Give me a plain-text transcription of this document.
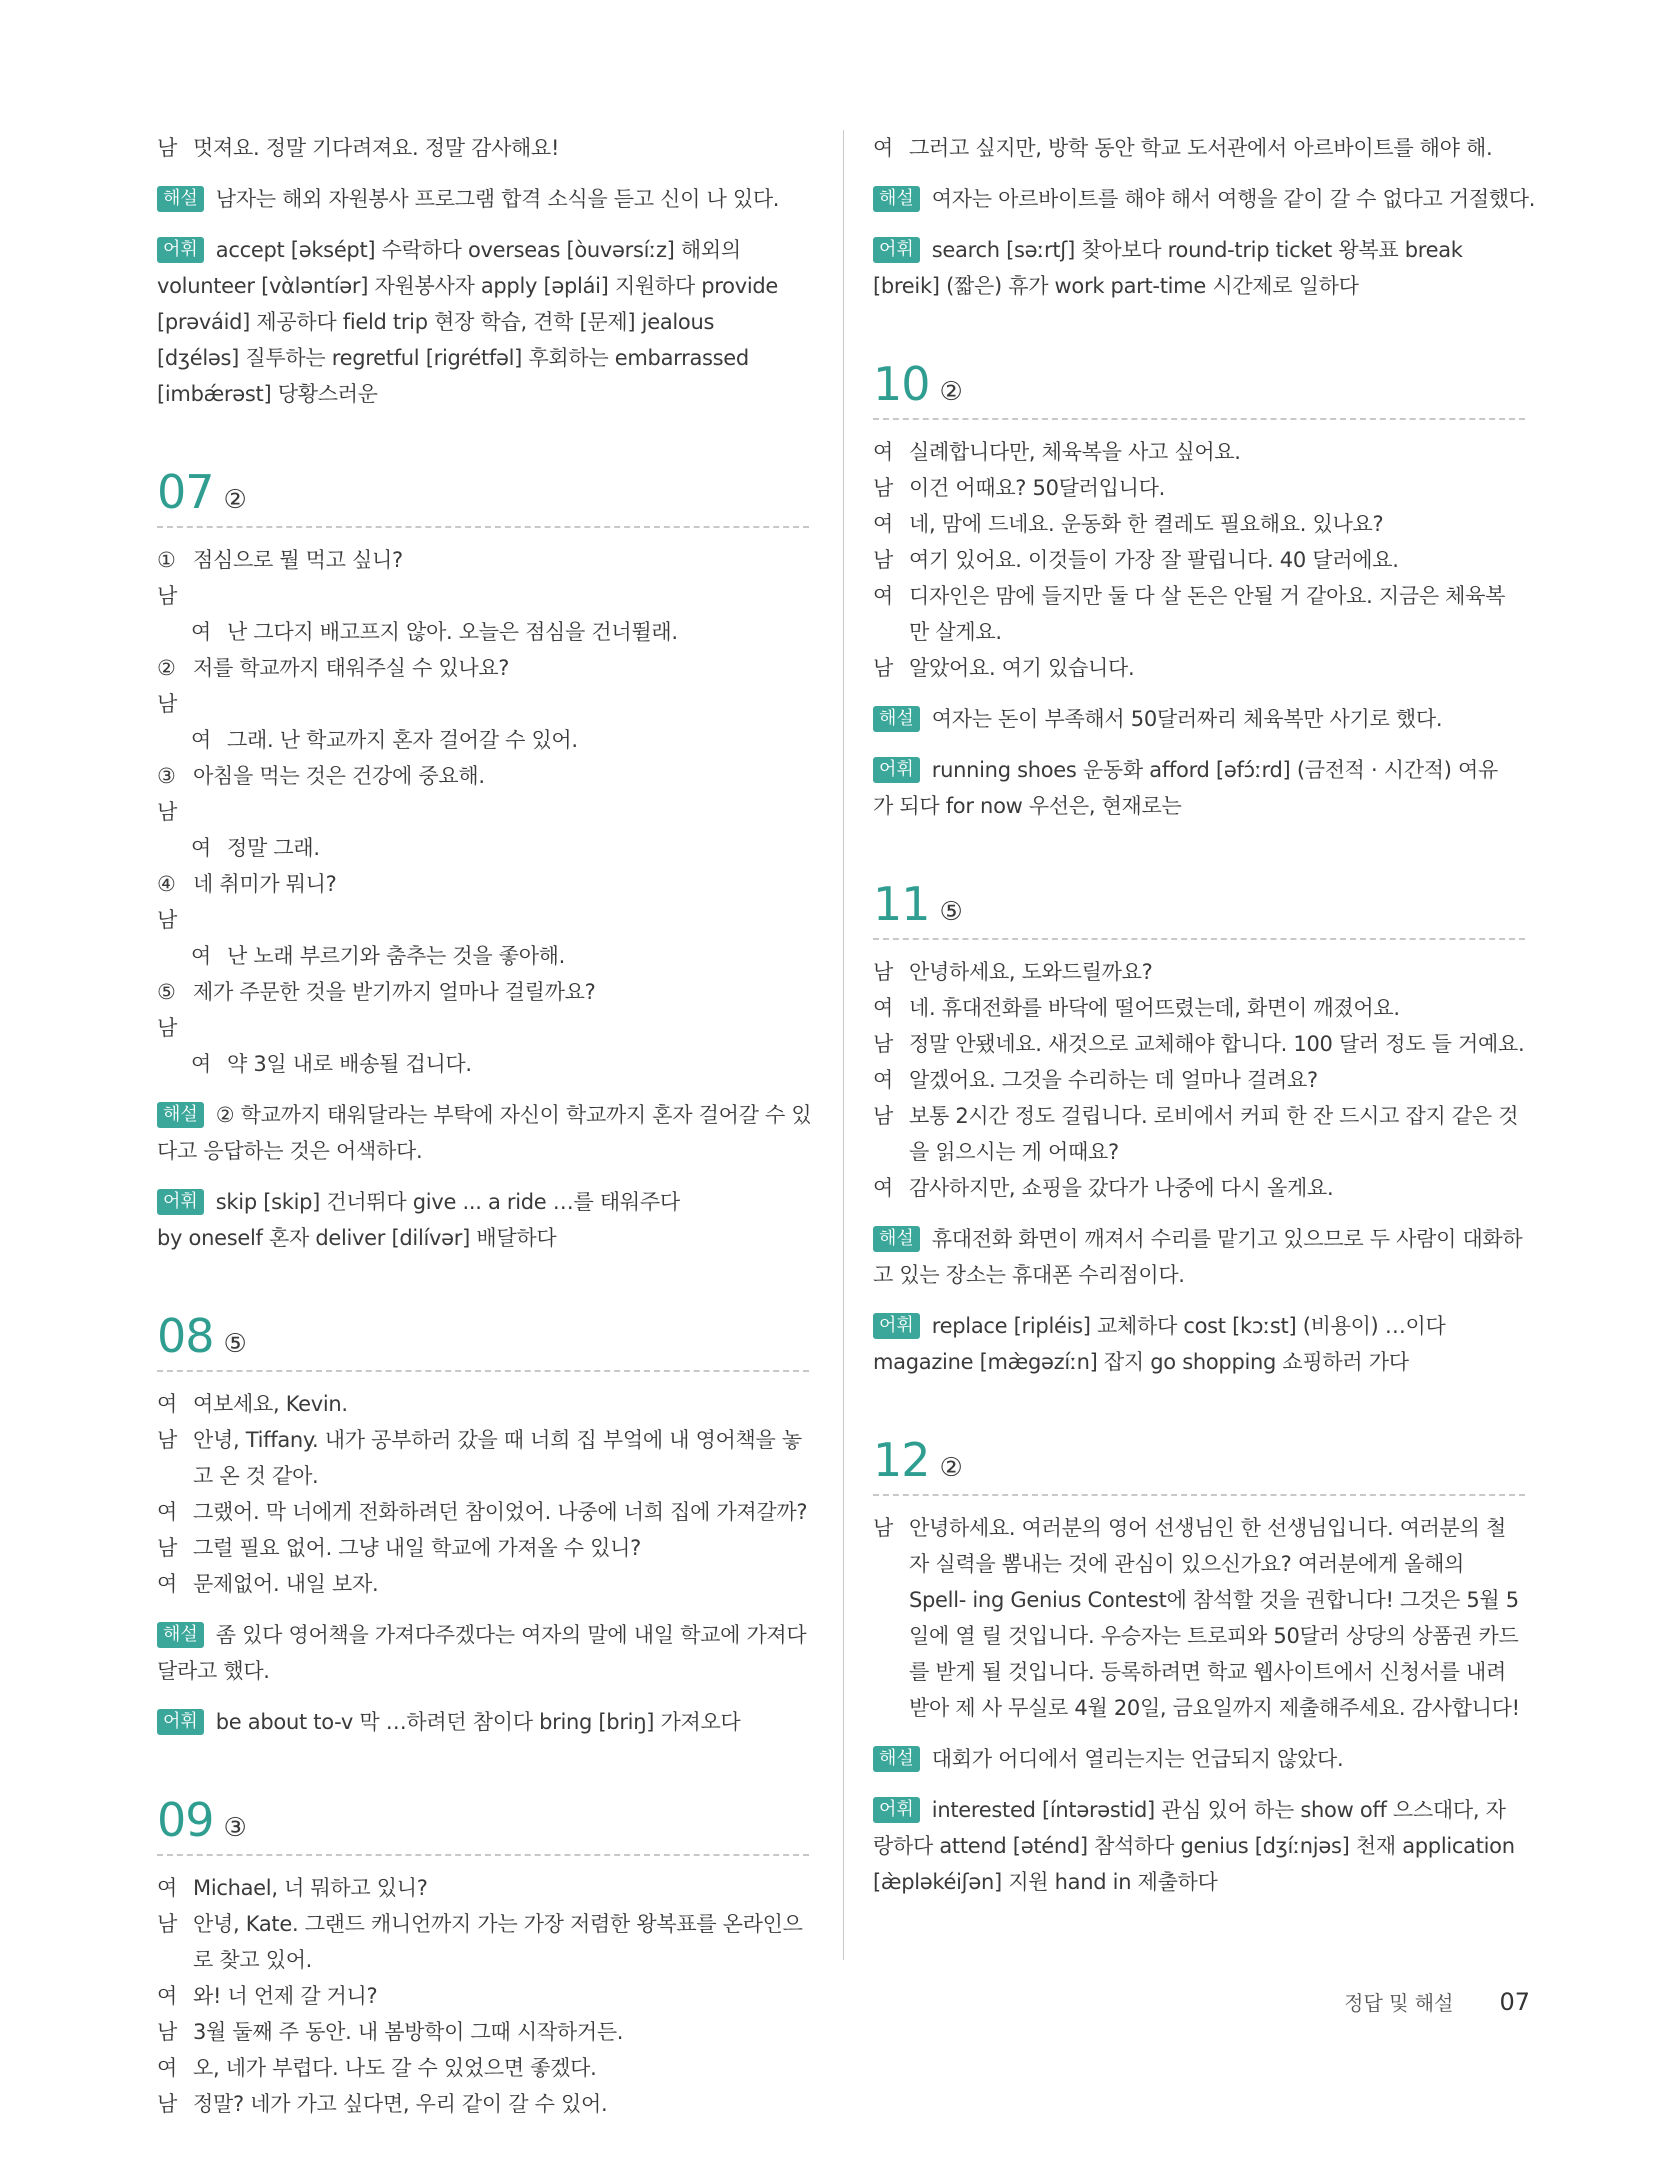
남 멋져요. 정말 기다려져요. 정말 감사해요!
해설 남자는 해외 자원봉사 프로그램 합격 소식을 듣고 신이 나 있다.
어휘 accept [əksépt] 수락하다 overseas [òuvərsíːz] 해외의
volunteer [vὰləntíər] 자원봉사자 apply [əplái] 지원하다 provide
[prəváid] 제공하다 field trip 현장 학습, 견학 [문제] jealous
[dʒéləs] 질투하는 regretful [rigrétfəl] 후회하는 embarrassed
[imbǽrəst] 당황스러운
07 ②
① 남
점심으로 뭘 먹고 싶니?
여 난 그다지 배고프지 않아. 오늘은 점심을 건너뛸래.
② 남
저를 학교까지 태워주실 수 있나요?
여 그래. 난 학교까지 혼자 걸어갈 수 있어.
③ 남
아침을 먹는 것은 건강에 중요해.
여 정말 그래.
④ 남
네 취미가 뭐니?
여 난 노래 부르기와 춤추는 것을 좋아해.
⑤ 남
제가 주문한 것을 받기까지 얼마나 걸릴까요?
여 약 3일 내로 배송될 겁니다.
해설 ② 학교까지 태워달라는 부탁에 자신이 학교까지 혼자 걸어갈 수 있
다고 응답하는 것은 어색하다.
어휘 skip [skip] 건너뛰다 give ... a ride …를 태워주다
by oneself 혼자 deliver [dilívər] 배달하다
08 ⑤
여 여보세요, Kevin.
남 안녕, Tiffany. 내가 공부하러 갔을 때 너희 집 부엌에 내 영어책을 놓 고 온 것 같아.
여 그랬어. 막 너에게 전화하려던 참이었어. 나중에 너희 집에 가져갈까?
남 그럴 필요 없어. 그냥 내일 학교에 가져올 수 있니?
여 문제없어. 내일 보자.
해설 좀 있다 영어책을 가져다주겠다는 여자의 말에 내일 학교에 가져다
달라고 했다.
어휘 be about to-v 막 …하려던 참이다 bring [briŋ] 가져오다
09 ③
여 Michael, 너 뭐하고 있니?
남 안녕, Kate. 그랜드 캐니언까지 가는 가장 저렴한 왕복표를 온라인으 로 찾고 있어.
여 와! 너 언제 갈 거니?
남 3월 둘째 주 동안. 내 봄방학이 그때 시작하거든.
여 오, 네가 부럽다. 나도 갈 수 있었으면 좋겠다.
남 정말? 네가 가고 싶다면, 우리 같이 갈 수 있어.
여 그러고 싶지만, 방학 동안 학교 도서관에서 아르바이트를 해야 해.
해설 여자는 아르바이트를 해야 해서 여행을 같이 갈 수 없다고 거절했다.
어휘 search [səːrtʃ] 찾아보다 round-trip ticket 왕복표 break
[breik] (짧은) 휴가 work part-time 시간제로 일하다
10 ②
여 실례합니다만, 체육복을 사고 싶어요.
남 이건 어때요? 50달러입니다.
여 네, 맘에 드네요. 운동화 한 켤레도 필요해요. 있나요?
남 여기 있어요. 이것들이 가장 잘 팔립니다. 40 달러에요.
여 디자인은 맘에 들지만 둘 다 살 돈은 안될 거 같아요. 지금은 체육복만 살게요.
남 알았어요. 여기 있습니다.
해설 여자는 돈이 부족해서 50달러짜리 체육복만 사기로 했다.
어휘 running shoes 운동화 afford [əfɔ́ːrd] (금전적 · 시간적) 여유
가 되다 for now 우선은, 현재로는
11 ⑤
남 안녕하세요, 도와드릴까요?
여 네. 휴대전화를 바닥에 떨어뜨렸는데, 화면이 깨졌어요.
남 정말 안됐네요. 새것으로 교체해야 합니다. 100 달러 정도 들 거예요.
여 알겠어요. 그것을 수리하는 데 얼마나 걸려요?
남 보통 2시간 정도 걸립니다. 로비에서 커피 한 잔 드시고 잡지 같은 것 을 읽으시는 게 어때요?
여 감사하지만, 쇼핑을 갔다가 나중에 다시 올게요.
해설 휴대전화 화면이 깨져서 수리를 맡기고 있으므로 두 사람이 대화하
고 있는 장소는 휴대폰 수리점이다.
어휘 replace [ripléis] 교체하다 cost [kɔːst] (비용이) …이다
magazine [mæ̀gəzíːn] 잡지 go shopping 쇼핑하러 가다
12 ②
남 안녕하세요. 여러분의 영어 선생님인 한 선생님입니다. 여러분의 철자 실력을 뽐내는 것에 관심이 있으신가요? 여러분에게 올해의 Spell- ing Genius Contest에 참석할 것을 권합니다! 그것은 5월 5일에 열 릴 것입니다. 우승자는 트로피와 50달러 상당의 상품권 카드를 받게 될 것입니다. 등록하려면 학교 웹사이트에서 신청서를 내려받아 제 사 무실로 4월 20일, 금요일까지 제출해주세요. 감사합니다!
해설 대회가 어디에서 열리는지는 언급되지 않았다.
어휘 interested [íntərəstid] 관심 있어 하는 show off 으스대다, 자
랑하다 attend [əténd] 참석하다 genius [dʒíːnjəs] 천재 application
[æ̀pləkéiʃən] 지원 hand in 제출하다
정답 및 해설 07
